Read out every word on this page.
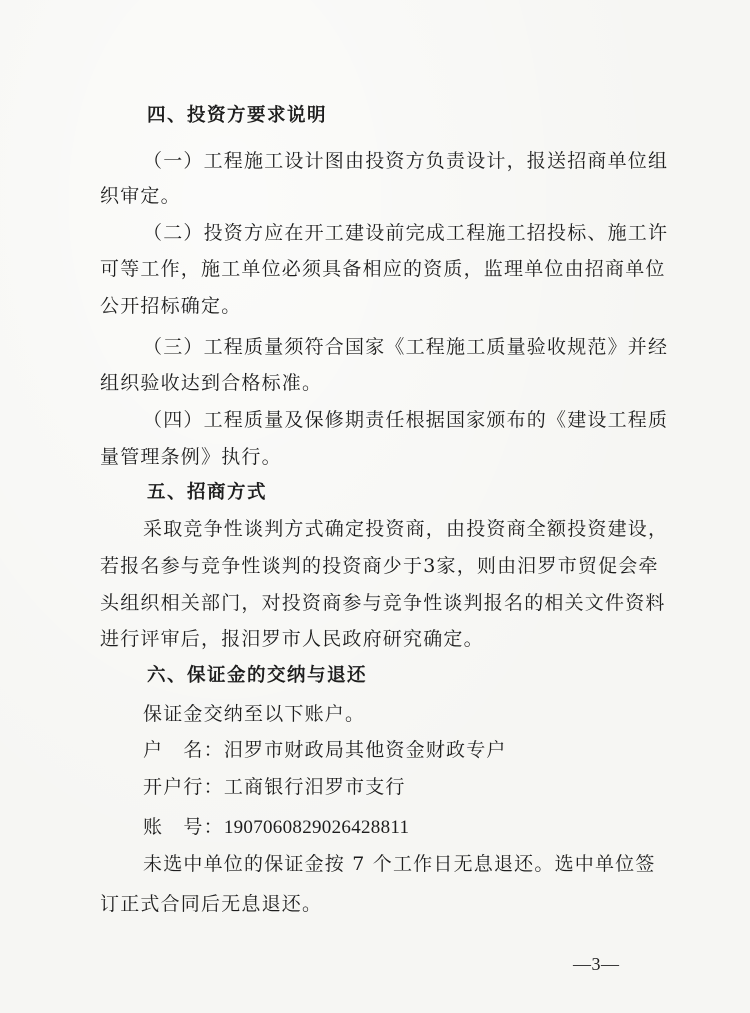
四、投资方要求说明
（一）工程施工设计图由投资方负责设计，报送招商单位组
织审定。
（二）投资方应在开工建设前完成工程施工招投标、施工许
可等工作，施工单位必须具备相应的资质，监理单位由招商单位
公开招标确定。
（三）工程质量须符合国家《工程施工质量验收规范》并经
组织验收达到合格标准。
（四）工程质量及保修期责任根据国家颁布的《建设工程质
量管理条例》执行。
五、招商方式
采取竞争性谈判方式确定投资商，由投资商全额投资建设，
若报名参与竞争性谈判的投资商少于3家，则由汨罗市贸促会牵
头组织相关部门，对投资商参与竞争性谈判报名的相关文件资料
进行评审后，报汨罗市人民政府研究确定。
六、保证金的交纳与退还
保证金交纳至以下账户。
户　名：汨罗市财政局其他资金财政专户
开户行：工商银行汨罗市支行
账　号：1907060829026428811
未选中单位的保证金按 7 个工作日无息退还。选中单位签
订正式合同后无息退还。
—3—
